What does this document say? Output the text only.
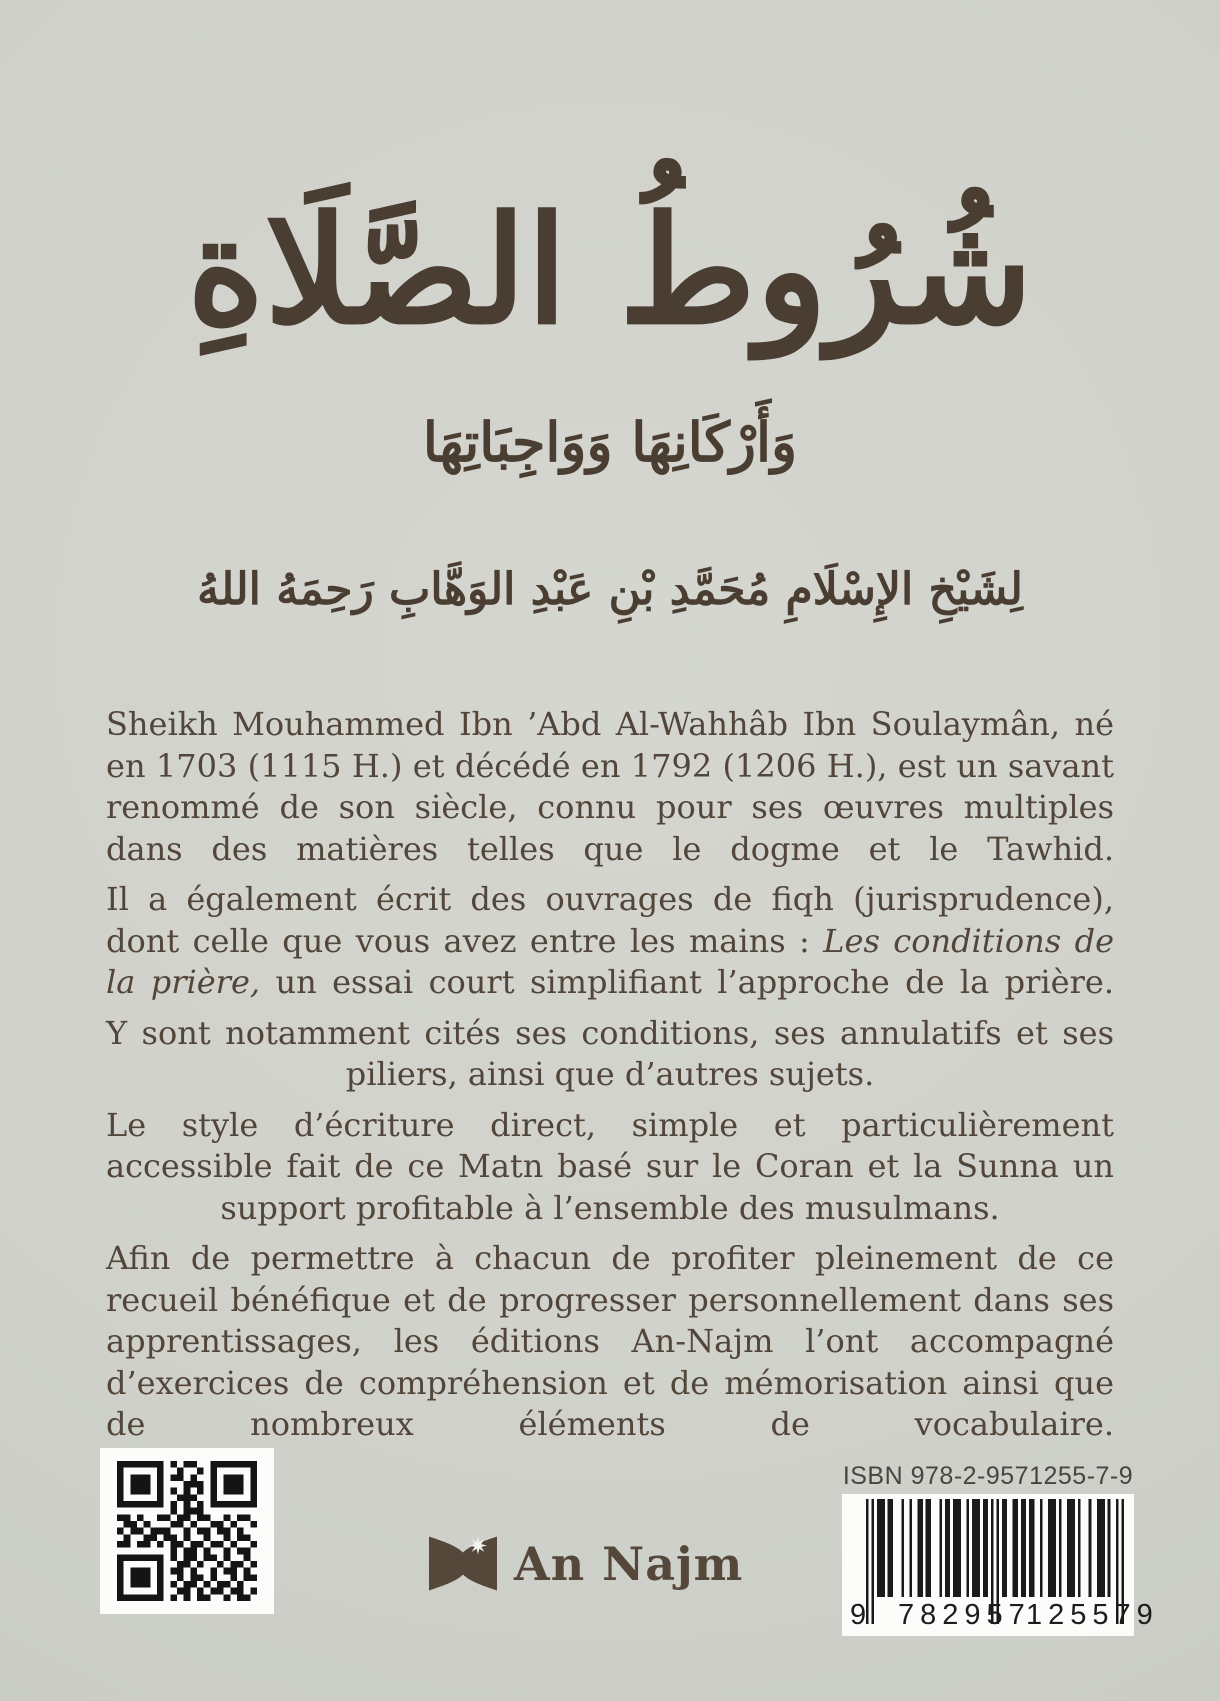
شُرُوطُ الصَّلَاةِ
وَأَرْكَانِهَا وَوَاجِبَاتِهَا
لِشَيْخِ الإِسْلَامِ مُحَمَّدِ بْنِ عَبْدِ الوَهَّابِ رَحِمَهُ اللهُ

Sheikh Mouhammed Ibn ’Abd Al-Wahhâb Ibn Soulaymân, né en 1703 (1115 H.) et décédé en 1792 (1206 H.), est un savant renommé de son siècle, connu pour ses œuvres multiples dans des matières telles que le dogme et le Tawhid.

Il a également écrit des ouvrages de fiqh (jurisprudence), dont celle que vous avez entre les mains : Les conditions de la prière, un essai court simplifiant l’approche de la prière.

Y sont notamment cités ses conditions, ses annulatifs et ses piliers, ainsi que d’autres sujets.

Le style d’écriture direct, simple et particulièrement accessible fait de ce Matn basé sur le Coran et la Sunna un support profitable à l’ensemble des musulmans.

Afin de permettre à chacun de profiter pleinement de ce recueil bénéfique et de progresser personnellement dans ses apprentissages, les éditions An-Najm l’ont accompagné d’exercices de compréhension et de mémorisation ainsi que de nombreux éléments de vocabulaire.

An Najm
ISBN 978-2-9571255-7-9
9 782957
125579
